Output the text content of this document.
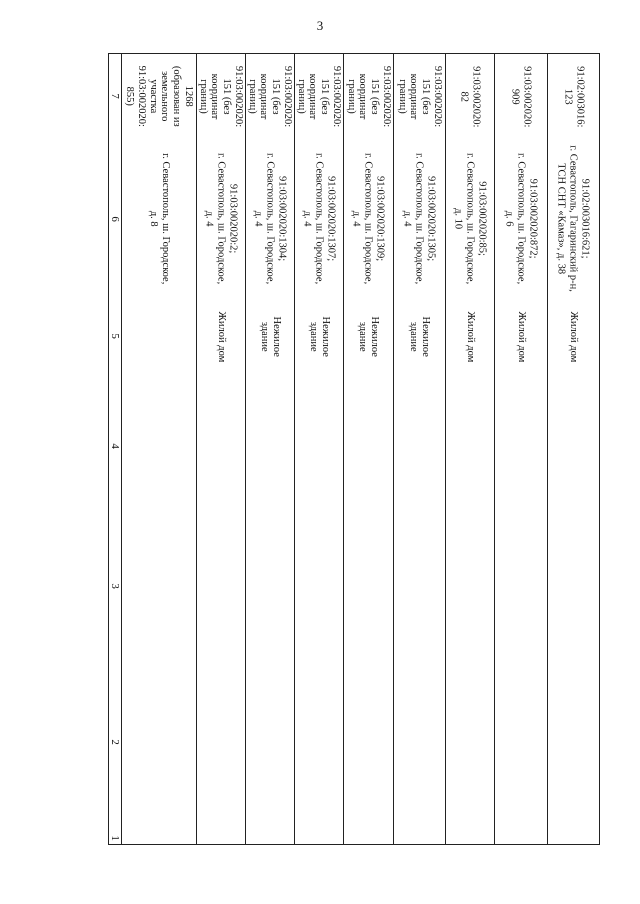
3
7
6
5
4
3
2
1
1268
(образован из
земельного
участка
91:03:002020:
855)
г. Севастополь, ш. Городское,
д. 8
91:03:002020:
151 (без
координат
границ)
91:03:002020:2;
г. Севастополь, ш. Городское,
д. 4
Жилой дом
91:03:002020:
151 (без
координат
границ)
91:03:002020:1304;
г. Севастополь, ш. Городское,
д. 4
Нежилое
здание
91:03:002020:
151 (без
координат
границ)
91:03:002020:1307;
г. Севастополь, ш. Городское,
д. 4
Нежилое
здание
91:03:002020:
151 (без
координат
границ)
91:03:002020:1309;
г. Севастополь, ш. Городское,
д. 4
Нежилое
здание
91:03:002020:
151 (без
координат
границ)
91:03:002020:1305;
г. Севастополь, ш. Городское,
д. 4
Нежилое
здание
91:03:002020:
82
91:03:002020:85;
г. Севастополь, ш. Городское,
д. 10
Жилой дом
91:03:002020:
909
91:03:002020:872;
г. Севастополь, ш. Городское,
д. 6
Жилой дом
91:02:003016:
123
91:02:003016:621;
г. Севастополь, Гагаринский р-н,
ТСН СНТ «Камаз», д. 38
Жилой дом
